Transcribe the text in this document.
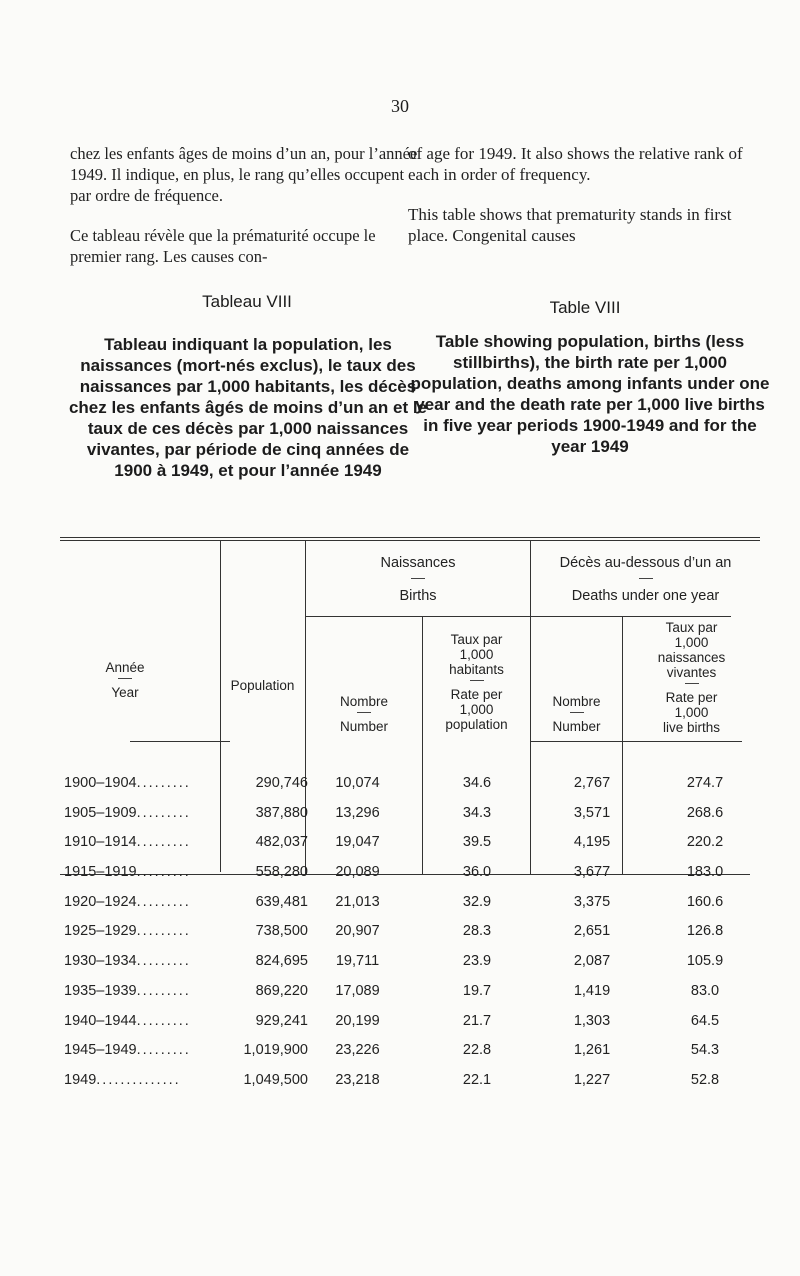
30

chez les enfants âges de moins d’un an, pour l’année 1949. Il indique, en plus, le rang qu’elles occupent par ordre de fréquence.

Ce tableau révèle que la prématurité occupe le premier rang. Les causes con-

of age for 1949. It also shows the relative rank of each in order of frequency.

This table shows that prematurity stands in first place. Congenital causes

Tableau VIII	Table VIII
Tableau indiquant la population, les naissances (mort-nés exclus), le taux des naissances par 1,000 habitants, les décès chez les enfants âgés de moins d’un an et le taux de ces décès par 1,000 naissances vivantes, par période de cinq années de 1900 à 1949, et pour l’année 1949
Table showing population, births (less stillbirths), the birth rate per 1,000 population, deaths among infants under one year and the death rate per 1,000 live births in five year periods 1900-1949 and for the year 1949
Naissances
Births
Décès au-dessous d’un an
Deaths under one year
Année
Year	Population
Nombre
Number
Taux par
1,000
habitants
Rate per
1,000
population
Nombre
Number
Taux par
1,000
naissances
vivantes
Rate per
1,000
live births
1900–1904.........	290,746	10,074	34.6	2,767	274.7
1905–1909.........	387,880	13,296	34.3	3,571	268.6
1910–1914.........	482,037	19,047	39.5	4,195	220.2
1915–1919.........	558,280	20,089	36.0	3,677	183.0
1920–1924.........	639,481	21,013	32.9	3,375	160.6
1925–1929.........	738,500	20,907	28.3	2,651	126.8
1930–1934.........	824,695	19,711	23.9	2,087	105.9
1935–1939.........	869,220	17,089	19.7	1,419	83.0
1940–1944.........	929,241	20,199	21.7	1,303	64.5
1945–1949.........	1,019,900	23,226	22.8	1,261	54.3
1949..............	1,049,500	23,218	22.1	1,227	52.8
